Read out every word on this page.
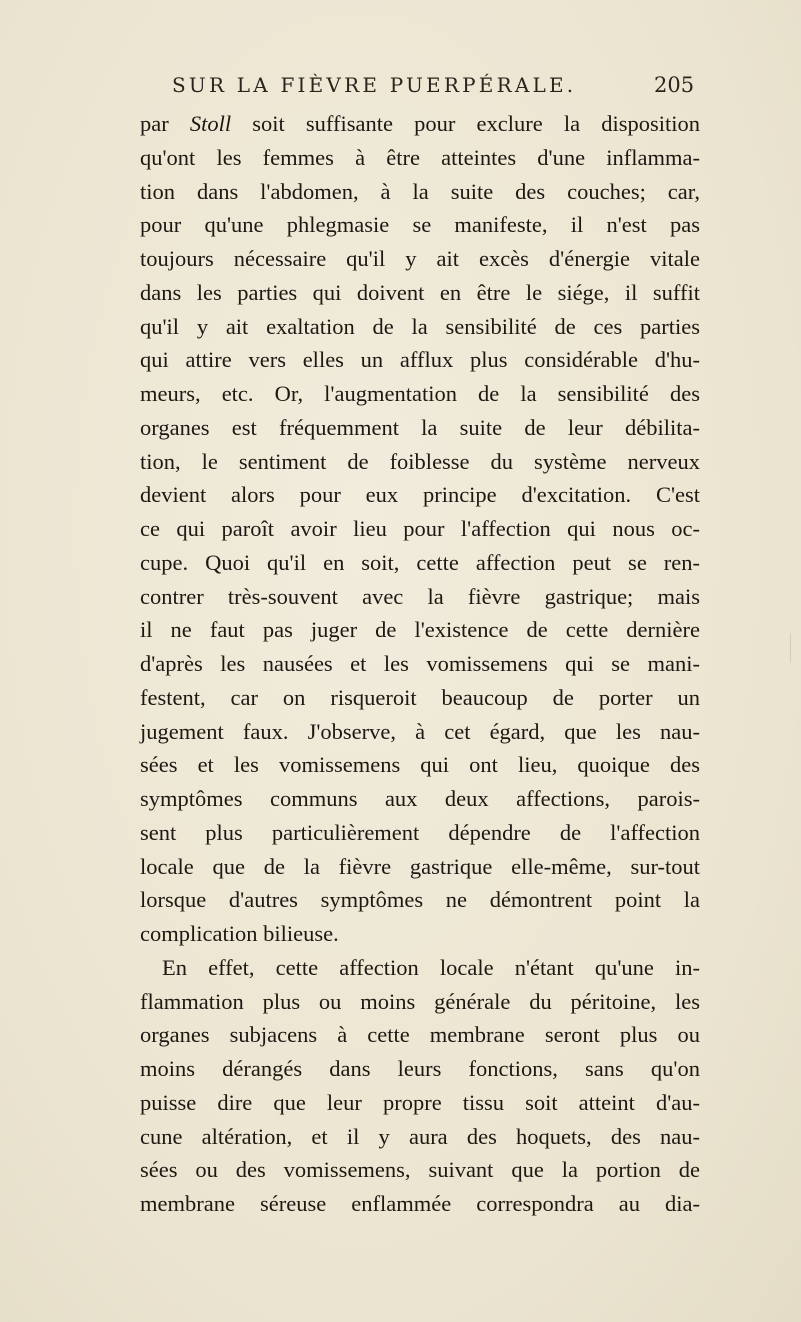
SUR LA FIÈVRE PUERPÉRALE.	205
par Stoll soit suffisante pour exclure la disposition
qu'ont les femmes à être atteintes d'une inflamma-
tion dans l'abdomen, à la suite des couches; car,
pour qu'une phlegmasie se manifeste, il n'est pas
toujours nécessaire qu'il y ait excès d'énergie vitale
dans les parties qui doivent en être le siége, il suffit
qu'il y ait exaltation de la sensibilité de ces parties
qui attire vers elles un afflux plus considérable d'hu-
meurs, etc. Or, l'augmentation de la sensibilité des
organes est fréquemment la suite de leur débilita-
tion, le sentiment de foiblesse du système nerveux
devient alors pour eux principe d'excitation. C'est
ce qui paroît avoir lieu pour l'affection qui nous oc-
cupe. Quoi qu'il en soit, cette affection peut se ren-
contrer très-souvent avec la fièvre gastrique; mais
il ne faut pas juger de l'existence de cette dernière
d'après les nausées et les vomissemens qui se mani-
festent, car on risqueroit beaucoup de porter un
jugement faux. J'observe, à cet égard, que les nau-
sées et les vomissemens qui ont lieu, quoique des
symptômes communs aux deux affections, parois-
sent plus particulièrement dépendre de l'affection
locale que de la fièvre gastrique elle-même, sur-tout
lorsque d'autres symptômes ne démontrent point la
complication bilieuse.
En effet, cette affection locale n'étant qu'une in-
flammation plus ou moins générale du péritoine, les
organes subjacens à cette membrane seront plus ou
moins dérangés dans leurs fonctions, sans qu'on
puisse dire que leur propre tissu soit atteint d'au-
cune altération, et il y aura des hoquets, des nau-
sées ou des vomissemens, suivant que la portion de
membrane séreuse enflammée correspondra au dia-
